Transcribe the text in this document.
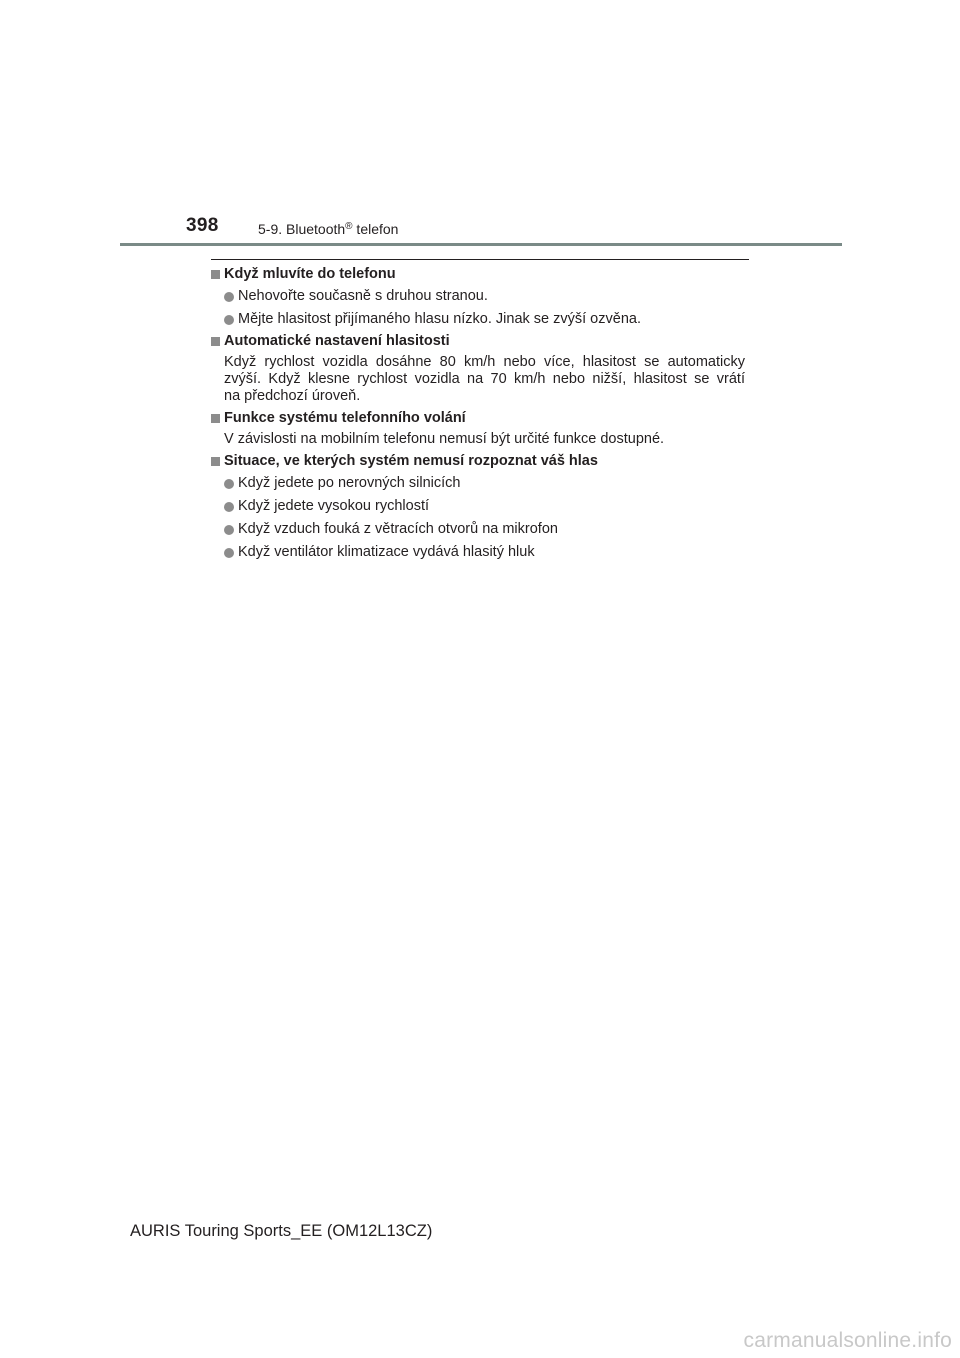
398	5-9. Bluetooth® telefon
Když mluvíte do telefonu
Nehovořte současně s druhou stranou.
Mějte hlasitost přijímaného hlasu nízko. Jinak se zvýší ozvěna.
Automatické nastavení hlasitosti
Když rychlost vozidla dosáhne 80 km/h nebo více, hlasitost se automaticky
zvýší. Když klesne rychlost vozidla na 70 km/h nebo nižší, hlasitost se vrátí
na předchozí úroveň.
Funkce systému telefonního volání
V závislosti na mobilním telefonu nemusí být určité funkce dostupné.
Situace, ve kterých systém nemusí rozpoznat váš hlas
Když jedete po nerovných silnicích
Když jedete vysokou rychlostí
Když vzduch fouká z větracích otvorů na mikrofon
Když ventilátor klimatizace vydává hlasitý hluk
AURIS Touring Sports_EE (OM12L13CZ)
carmanualsonline.info
